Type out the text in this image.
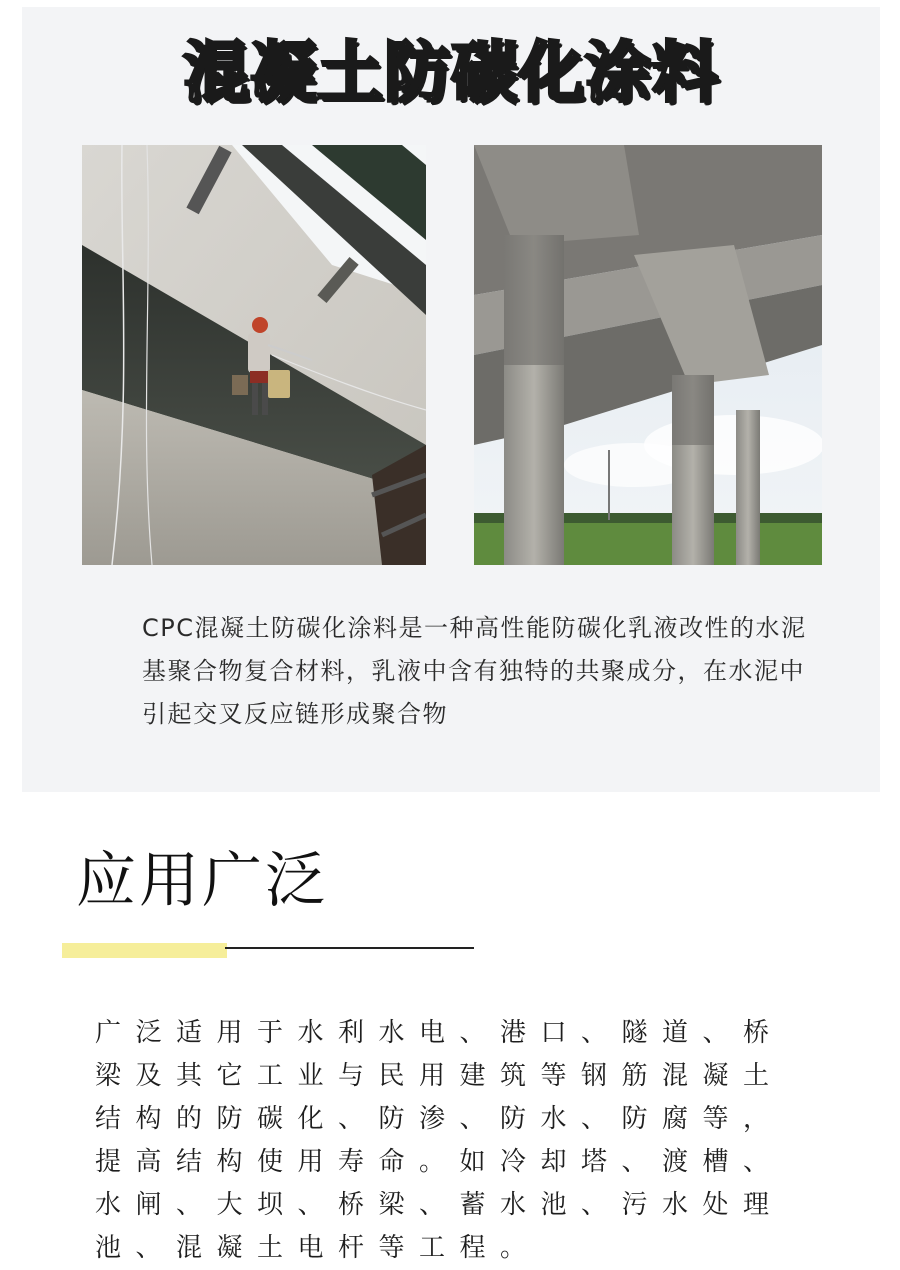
混凝土防碳化涂料
CPC混凝土防碳化涂料是一种高性能防碳化乳液改性的水泥基聚合物复合材料，乳液中含有独特的共聚成分，在水泥中引起交叉反应链形成聚合物
应用广泛
广泛适用于水利水电、港口、隧道、桥梁及其它工业与民用建筑等钢筋混凝土结构的防碳化、防渗、防水、防腐等，提高结构使用寿命。如冷却塔、渡槽、水闸、大坝、桥梁、蓄水池、污水处理池、混凝土电杆等工程。
